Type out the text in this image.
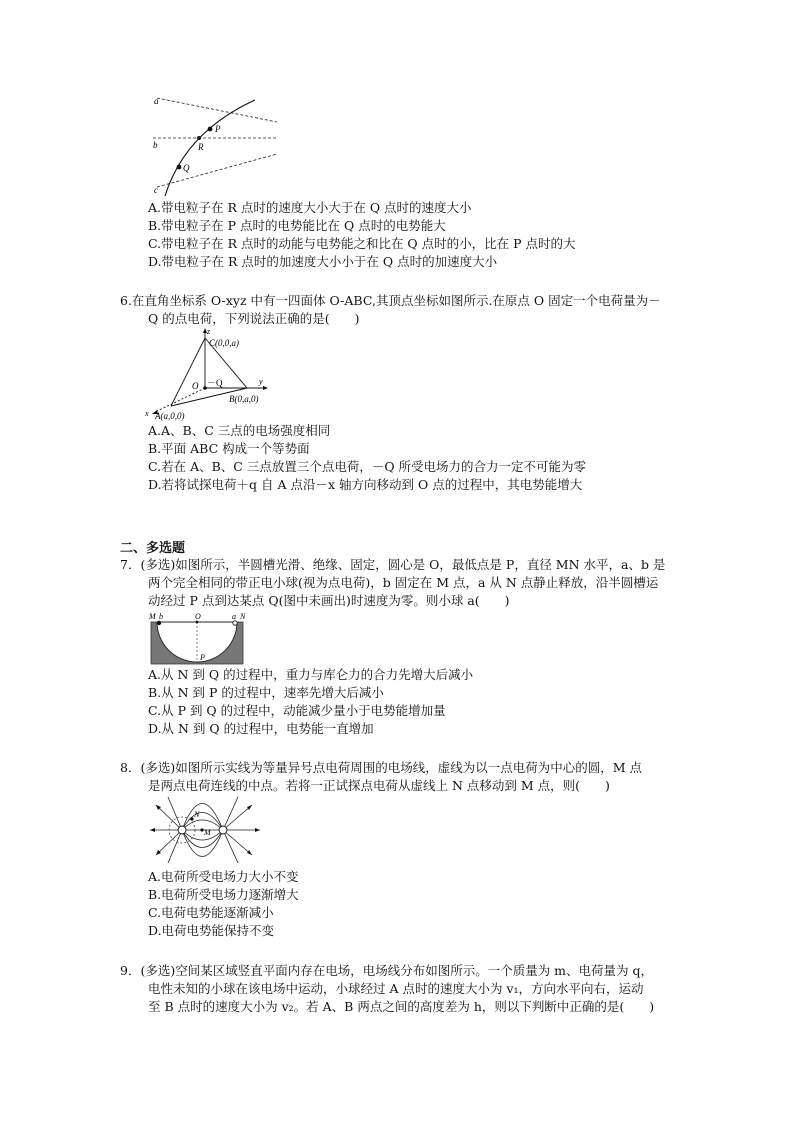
a
b
c
P
R
Q
A.带电粒子在 R 点时的速度大小大于在 Q 点时的速度大小
B.带电粒子在 P 点时的电势能比在 Q 点时的电势能大
C.带电粒子在 R 点时的动能与电势能之和比在 Q 点时的小，比在 P 点时的大
D.带电粒子在 R 点时的加速度大小小于在 Q 点时的加速度大小
6.在直角坐标系 O-xyz 中有一四面体 O-ABC,其顶点坐标如图所示.在原点 O 固定一个电荷量为－
Q 的点电荷，下列说法正确的是(　　)
z
y
x
C(0,0,a)
B(0,a,0)
A(a,0,0)
O －Q
A.A、B、C 三点的电场强度相同
B.平面 ABC 构成一个等势面
C.若在 A、B、C 三点放置三个点电荷，－Q 所受电场力的合力一定不可能为零
D.若将试探电荷＋q 自 A 点沿－x 轴方向移动到 O 点的过程中，其电势能增大
二、多选题
7．(多选)如图所示，半圆槽光滑、绝缘、固定，圆心是 O，最低点是 P，直径 MN 水平，a、b 是
两个完全相同的带正电小球(视为点电荷)，b 固定在 M 点，a 从 N 点静止释放，沿半圆槽运
动经过 P 点到达某点 Q(图中未画出)时速度为零。则小球 a(　　)
M b	O	a N
P
A.从 N 到 Q 的过程中，重力与库仑力的合力先增大后减小
B.从 N 到 P 的过程中，速率先增大后减小
C.从 P 到 Q 的过程中，动能减少量小于电势能增加量
D.从 N 到 Q 的过程中，电势能一直增加
8．(多选)如图所示实线为等量异号点电荷周围的电场线，虚线为以一点电荷为中心的圆，M 点
是两点电荷连线的中点。若将一正试探点电荷从虚线上 N 点移动到 M 点，则(　　)
N
M
A.电荷所受电场力大小不变
B.电荷所受电场力逐渐增大
C.电荷电势能逐渐减小
D.电荷电势能保持不变
9．(多选)空间某区域竖直平面内存在电场，电场线分布如图所示。一个质量为 m、电荷量为 q，
电性未知的小球在该电场中运动，小球经过 A 点时的速度大小为 v₁，方向水平向右，运动
至 B 点时的速度大小为 v₂。若 A、B 两点之间的高度差为 h，则以下判断中正确的是(　　)
